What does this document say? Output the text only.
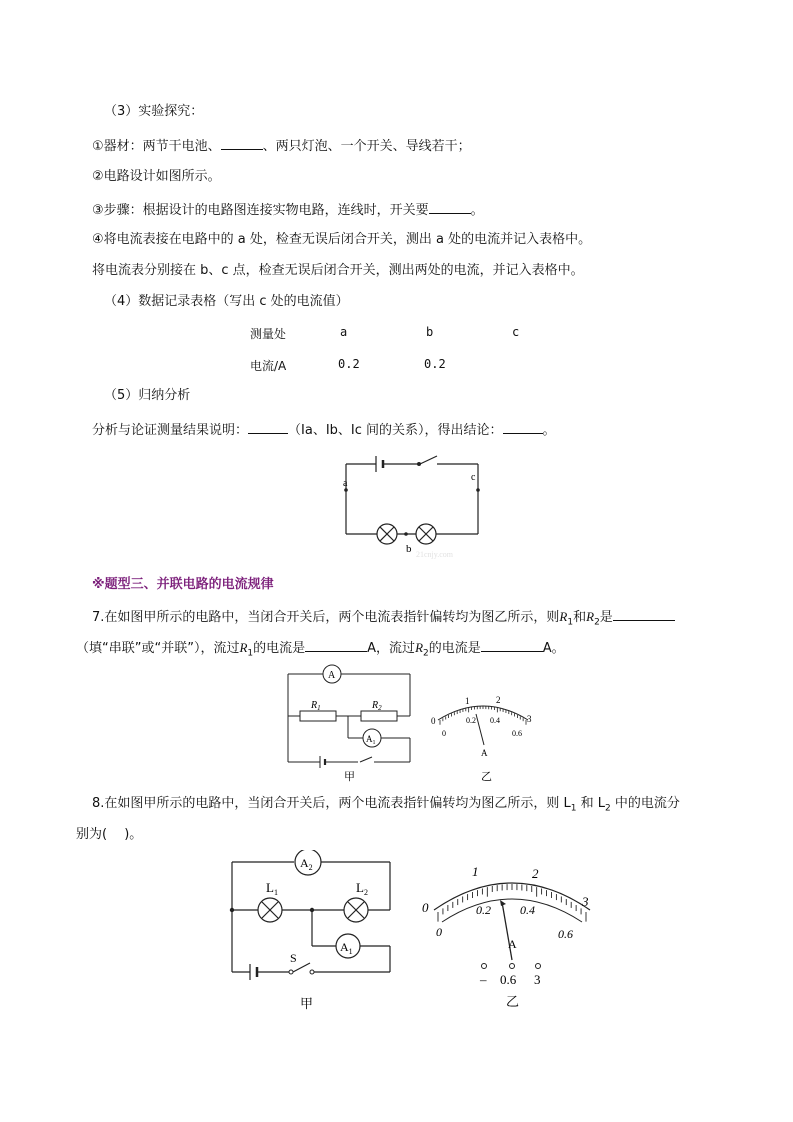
（3）实验探究：
①器材：两节干电池、	、两只灯泡、一个开关、导线若干；
②电路设计如图所示。
③步骤：根据设计的电路图连接实物电路，连线时，开关要	。
④将电流表接在电路中的 a 处，检查无误后闭合开关，测出 a 处的电流并记入表格中。
将电流表分别接在 b、c 点，检查无误后闭合开关，测出两处的电流，并记入表格中。
（4）数据记录表格（写出 c 处的电流值）
测量处	a	b	c
电流/A	0.2	0.2
（5）归纳分析
分析与论证测量结果说明：	（Ia、Ib、Ic 间的关系），得出结论：	。
a
c
b 21cnjy.com
※题型三、并联电路的电流规律
7.在如图甲所示的电路中，当闭合开关后，两个电流表指针偏转均为图乙所示，则$R_1$和$R_2$是
（填“串联”或“并联”），流过$R_1$的电流是	A，流过$R_2$的电流是	A。
A
$A_1$
$R_1$	$R_2$
甲
0
1	2
3
0
0.2 0.4
0.6
A
乙
8.在如图甲所示的电路中，当闭合开关后，两个电流表指针偏转均为图乙所示，则 $L_1$ 和 $L_2$ 中的电流分
别为(　 )。
$A_2$
$A_1$
$L_1$	$L_2$
S
甲
0
1	2
3
0
0.2 0.4
0.6
A
– 0.6 3
乙
